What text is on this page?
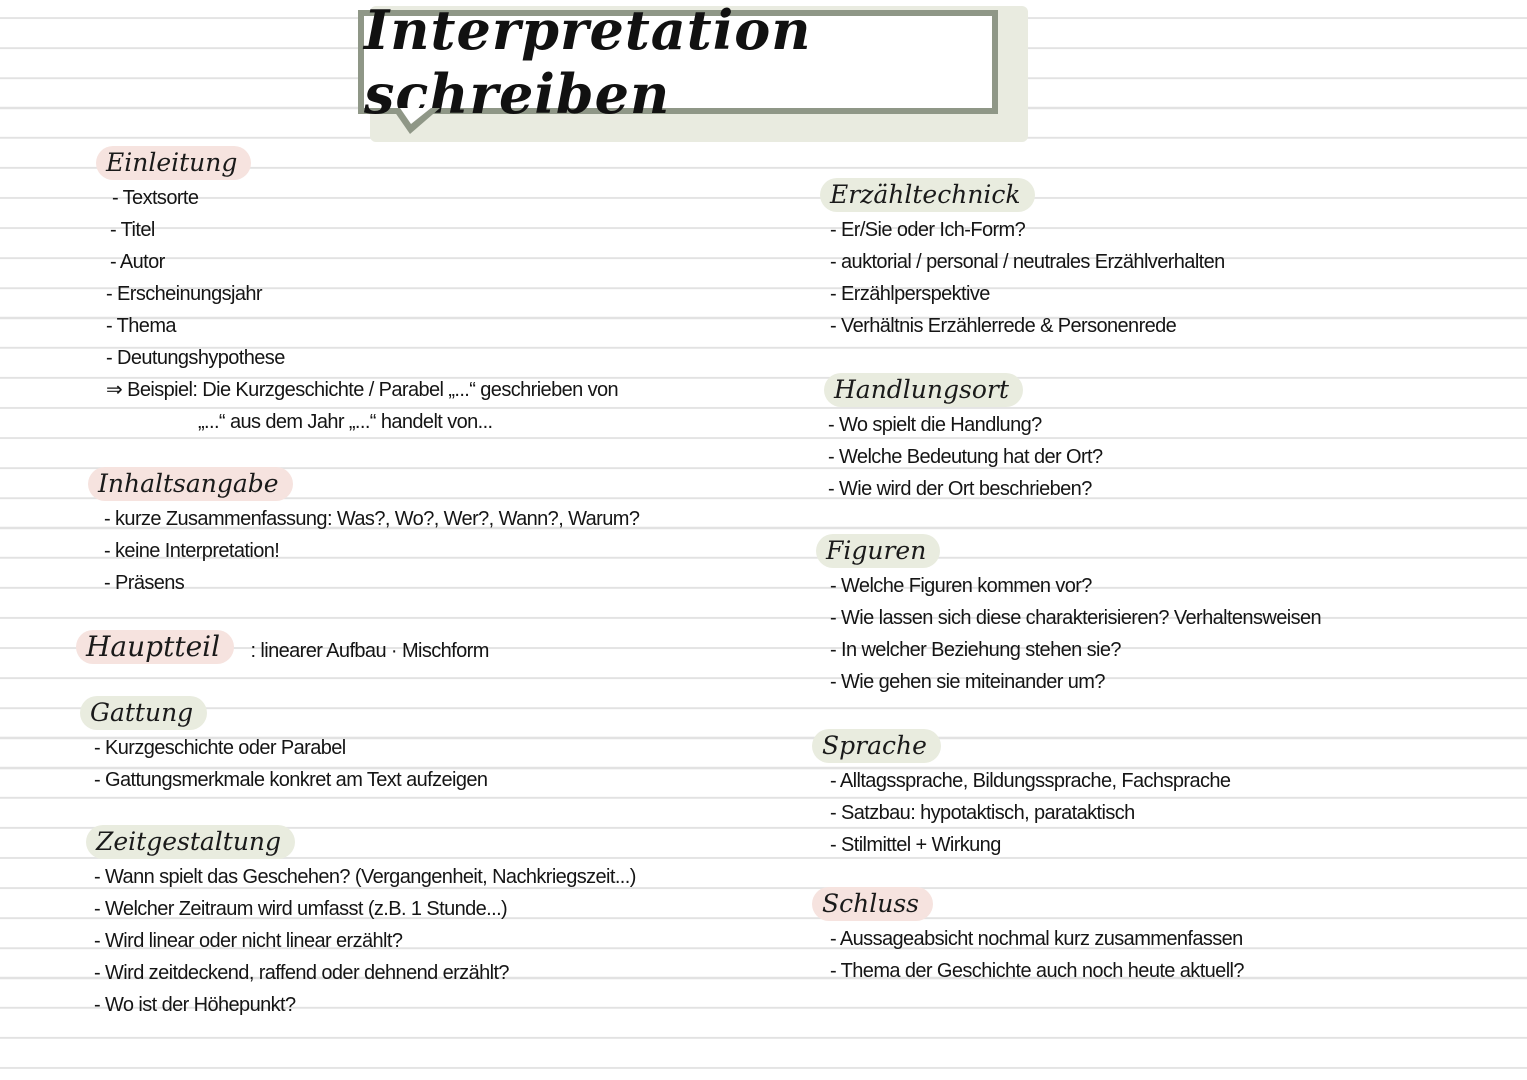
Interpretation schreiben
Einleitung
- Textsorte
- Titel
- Autor
- Erscheinungsjahr
- Thema
- Deutungshypothese
⇒ Beispiel: Die Kurzgeschichte / Parabel „...“ geschrieben von
„...“ aus dem Jahr „...“ handelt von...
Inhaltsangabe
- kurze Zusammenfassung: Was?, Wo?, Wer?, Wann?, Warum?
- keine Interpretation!
- Präsens
Hauptteil : linearer Aufbau · Mischform
Gattung
- Kurzgeschichte oder Parabel
- Gattungsmerkmale konkret am Text aufzeigen
Zeitgestaltung
- Wann spielt das Geschehen? (Vergangenheit, Nachkriegszeit...)
- Welcher Zeitraum wird umfasst (z.B. 1 Stunde...)
- Wird linear oder nicht linear erzählt?
- Wird zeitdeckend, raffend oder dehnend erzählt?
- Wo ist der Höhepunkt?
Erzähltechnick
- Er/Sie oder Ich-Form?
- auktorial / personal / neutrales Erzählverhalten
- Erzählperspektive
- Verhältnis Erzählerrede & Personenrede
Handlungsort
- Wo spielt die Handlung?
- Welche Bedeutung hat der Ort?
- Wie wird der Ort beschrieben?
Figuren
- Welche Figuren kommen vor?
- Wie lassen sich diese charakterisieren? Verhaltensweisen
- In welcher Beziehung stehen sie?
- Wie gehen sie miteinander um?
Sprache
- Alltagssprache, Bildungssprache, Fachsprache
- Satzbau: hypotaktisch, parataktisch
- Stilmittel + Wirkung
Schluss
- Aussageabsicht nochmal kurz zusammenfassen
- Thema der Geschichte auch noch heute aktuell?
